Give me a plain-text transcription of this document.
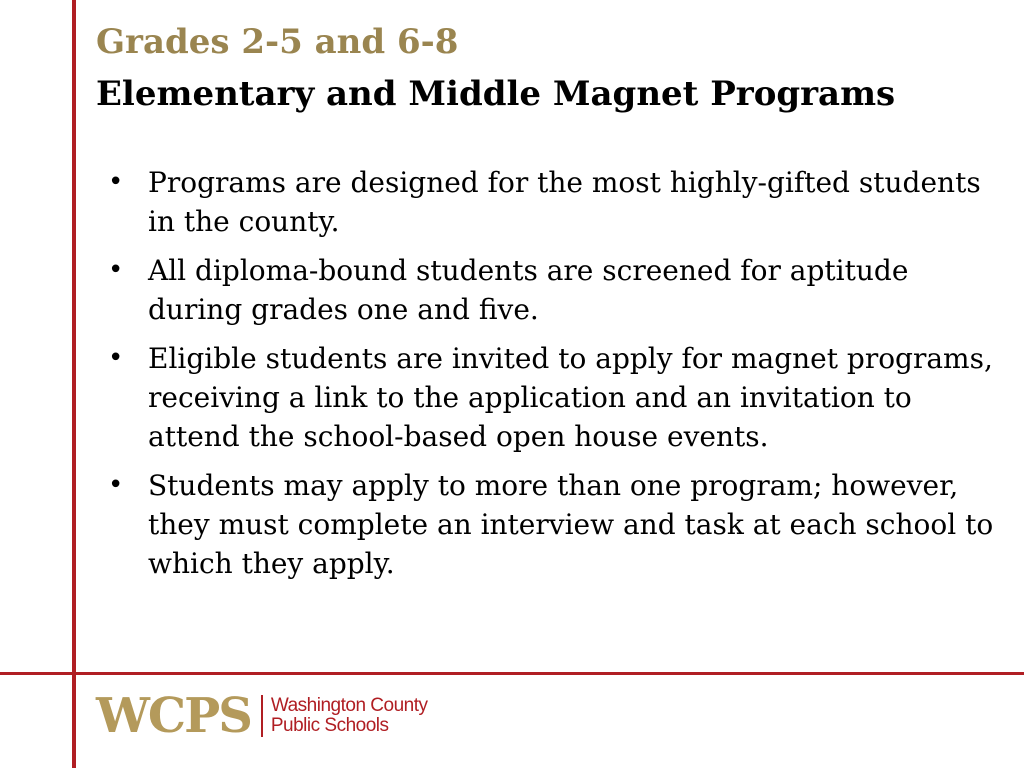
Grades 2-5 and 6-8
Elementary and Middle Magnet Programs
• Programs are designed for the most highly-gifted students in the county.
• All diploma-bound students are screened for aptitude during grades one and five.
• Eligible students are invited to apply for magnet programs, receiving a link to the application and an invitation to attend the school-based open house events.
• Students may apply to more than one program; however, they must complete an interview and task at each school to which they apply.
WCPS Washington County
Public Schools
